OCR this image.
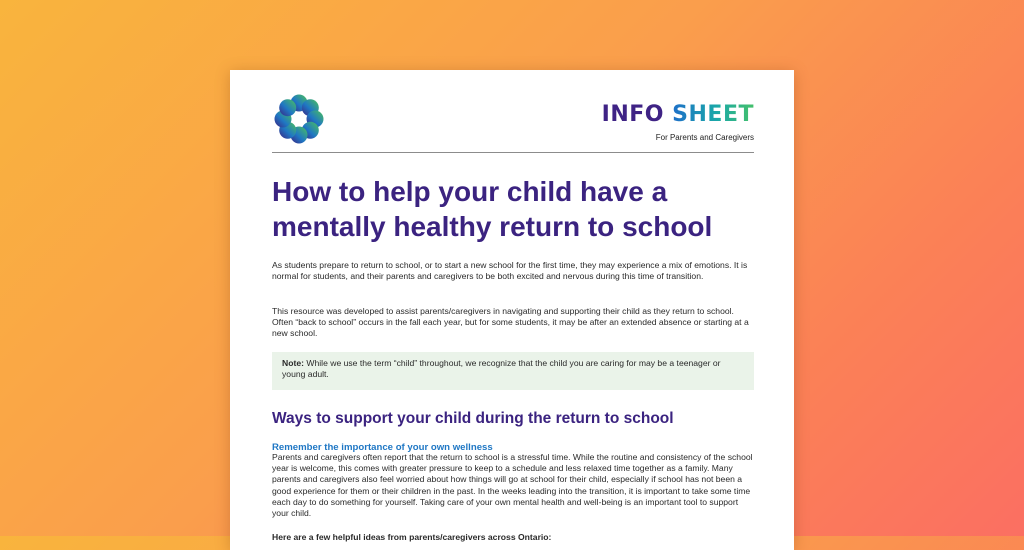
INFO SHEET
For Parents and Caregivers
How to help your child have a mentally healthy return to school

As students prepare to return to school, or to start a new school for the first time, they may experience a mix of emotions. It is normal for students, and their parents and caregivers to be both excited and nervous during this time of transition.

This resource was developed to assist parents/caregivers in navigating and supporting their child as they return to school. Often “back to school” occurs in the fall each year, but for some students, it may be after an extended absence or starting at a new school.

Note: While we use the term “child” throughout, we recognize that the child you are caring for may be a teenager or young adult.
Ways to support your child during the return to school
Remember the importance of your own wellness

Parents and caregivers often report that the return to school is a stressful time. While the routine and consistency of the school year is welcome, this comes with greater pressure to keep to a schedule and less relaxed time together as a family. Many parents and caregivers also feel worried about how things will go at school for their child, especially if school has not been a good experience for them or their children in the past. In the weeks leading into the transition, it is important to take some time each day to do something for yourself. Taking care of your own mental health and well-being is an important tool to support your child.

Here are a few helpful ideas from parents/caregivers across Ontario:
